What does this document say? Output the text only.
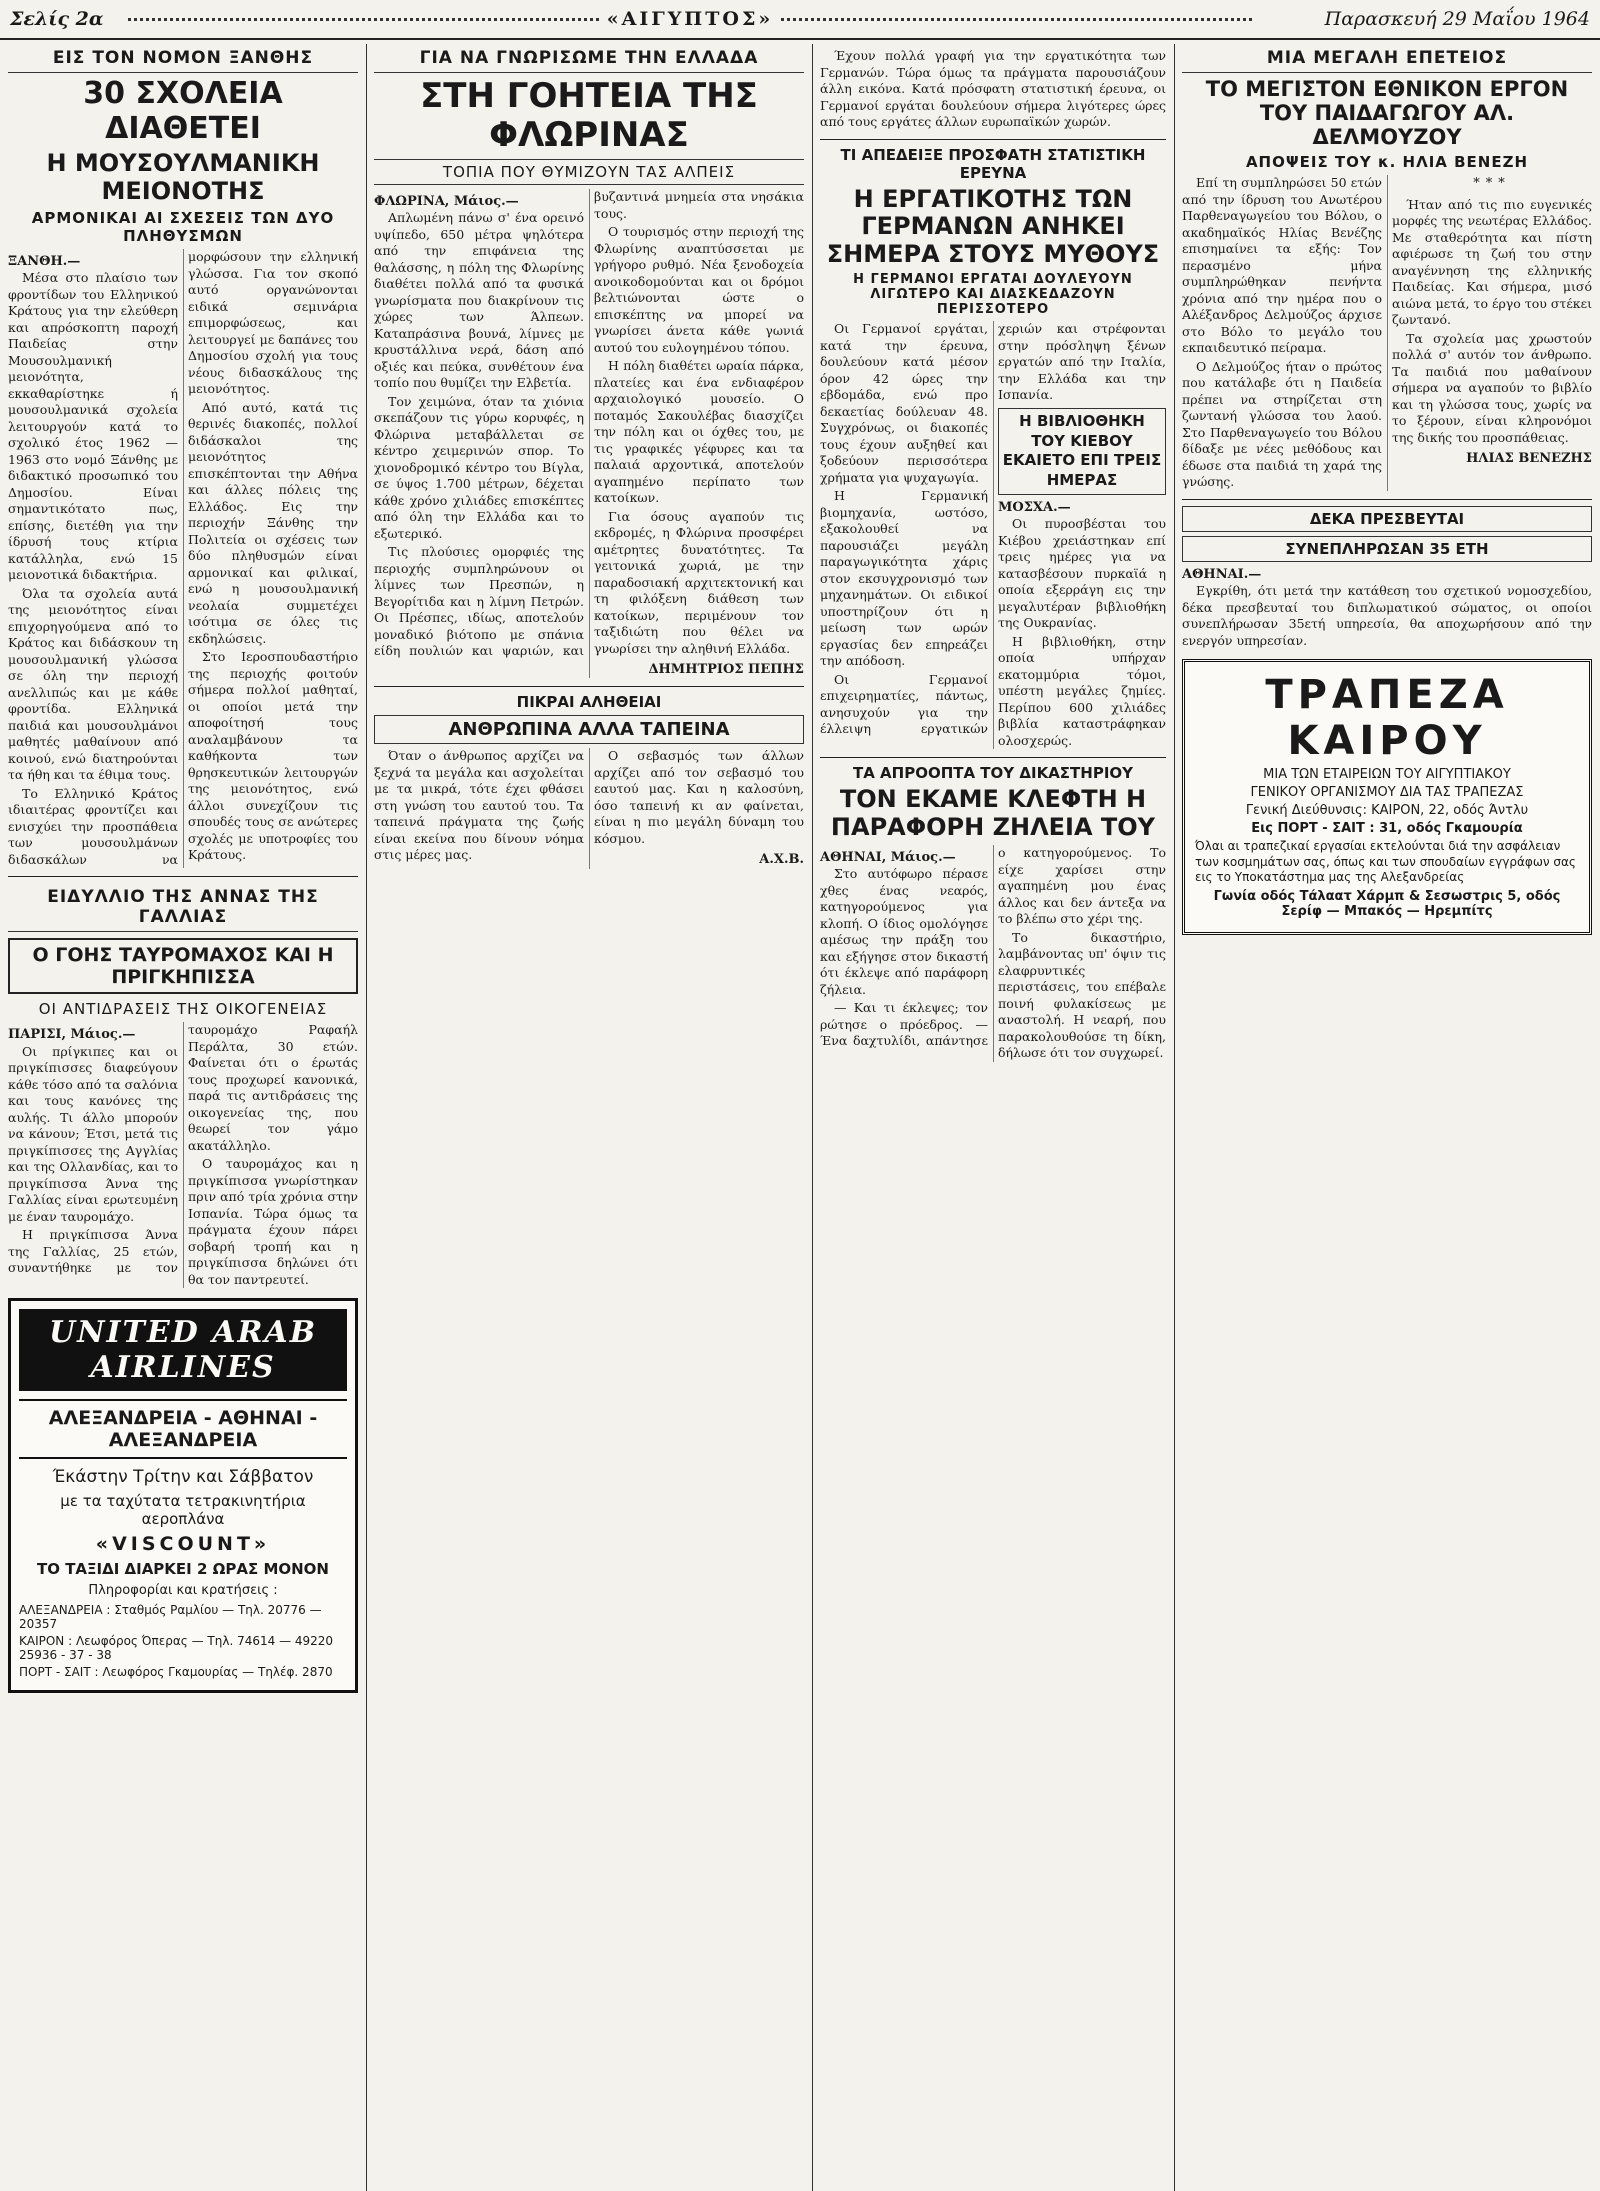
Σελίς 2α	«ΑΙΓΥΠΤΟΣ»	Παρασκευή 29 Μαΐου 1964
ΕΙΣ ΤΟΝ ΝΟΜΟΝ ΞΑΝΘΗΣ
30 ΣΧΟΛΕΙΑ ΔΙΑΘΕΤΕΙ
Η ΜΟΥΣΟΥΛΜΑΝΙΚΗ ΜΕΙΟΝΟΤΗΣ
ΑΡΜΟΝΙΚΑΙ ΑΙ ΣΧΕΣΕΙΣ ΤΩΝ ΔΥΟ ΠΛΗΘΥΣΜΩΝ
ΞΑΝΘΗ.—

Μέσα στο πλαίσιο των φροντίδων του Ελληνικού Κράτους για την ελεύθερη και απρόσκοπτη παροχή Παιδείας στην Μουσουλμανική μειονότητα, εκκαθαρίστηκε ή μουσουλμανικά σχολεία λειτουργούν κατά το σχολικό έτος 1962 — 1963 στο νομό Ξάνθης με διδακτικό προσωπικό του Δημοσίου. Είναι σημαντικότατο πως, επίσης, διετέθη για την ίδρυσή τους κτίρια κατάλληλα, ενώ 15 μειονοτικά διδακτήρια.

Όλα τα σχολεία αυτά της μειονότητος είναι επιχορηγούμενα από το Κράτος και διδάσκουν τη μουσουλμανική γλώσσα σε όλη την περιοχή ανελλιπώς και με κάθε φροντίδα. Ελληνικά παιδιά και μουσουλμάνοι μαθητές μαθαίνουν από κοινού, ενώ διατηρούνται τα ήθη και τα έθιμα τους.

Το Ελληνικό Κράτος ιδιαιτέρας φροντίζει και ενισχύει την προσπάθεια των μουσουλμάνων διδασκάλων να μορφώσουν την ελληνική γλώσσα. Για τον σκοπό αυτό οργανώνονται ειδικά σεμινάρια επιμορφώσεως, και λειτουργεί με δαπάνες του Δημοσίου σχολή για τους νέους διδασκάλους της μειονότητος.

Από αυτό, κατά τις θερινές διακοπές, πολλοί διδάσκαλοι της μειονότητος επισκέπτονται την Αθήνα και άλλες πόλεις της Ελλάδος. Εις την περιοχήν Ξάνθης την Πολιτεία οι σχέσεις των δύο πληθυσμών είναι αρμονικαί και φιλικαί, ενώ η μουσουλμανική νεολαία συμμετέχει ισότιμα σε όλες τις εκδηλώσεις.

Στο Ιεροσπουδαστήριο της περιοχής φοιτούν σήμερα πολλοί μαθηταί, οι οποίοι μετά την αποφοίτησή τους αναλαμβάνουν τα καθήκοντα των θρησκευτικών λειτουργών της μειονότητος, ενώ άλλοι συνεχίζουν τις σπουδές τους σε ανώτερες σχολές με υποτροφίες του Κράτους.

ΕΙΔΥΛΛΙΟ ΤΗΣ ΑΝΝΑΣ ΤΗΣ ΓΑΛΛΙΑΣ
Ο ΓΟΗΣ ΤΑΥΡΟΜΑΧΟΣ ΚΑΙ Η ΠΡΙΓΚΗΠΙΣΣΑ
ΟΙ ΑΝΤΙΔΡΑΣΕΙΣ ΤΗΣ ΟΙΚΟΓΕΝΕΙΑΣ
ΠΑΡΙΣΙ, Μάιος.—

Οι πρίγκιπες και οι πριγκίπισσες διαφεύγουν κάθε τόσο από τα σαλόνια και τους κανόνες της αυλής. Τι άλλο μπορούν να κάνουν; Έτσι, μετά τις πριγκίπισσες της Αγγλίας και της Ολλανδίας, και το πριγκίπισσα Άννα της Γαλλίας είναι ερωτευμένη με έναν ταυρομάχο.

Η πριγκίπισσα Άννα της Γαλλίας, 25 ετών, συναντήθηκε με τον ταυρομάχο Ραφαήλ Περάλτα, 30 ετών. Φαίνεται ότι ο έρωτάς τους προχωρεί κανονικά, παρά τις αντιδράσεις της οικογενείας της, που θεωρεί τον γάμο ακατάλληλο.

Ο ταυρομάχος και η πριγκίπισσα γνωρίστηκαν πριν από τρία χρόνια στην Ισπανία. Τώρα όμως τα πράγματα έχουν πάρει σοβαρή τροπή και η πριγκίπισσα δηλώνει ότι θα τον παντρευτεί.

UNITED ARAB AIRLINES
ΑΛΕΞΑΝΔΡΕΙΑ - ΑΘΗΝΑΙ - ΑΛΕΞΑΝΔΡΕΙΑ
Έκάστην Τρίτην και Σάββατον
με τα ταχύτατα τετρακινητήρια αεροπλάνα
«VISCOUNT»
ΤΟ ΤΑΞΙΔΙ ΔΙΑΡΚΕΙ 2 ΩΡΑΣ ΜΟΝΟΝ
Πληροφορίαι και κρατήσεις :
ΑΛΕΞΑΝΔΡΕΙΑ : Σταθμός Ραμλίου — Τηλ. 20776 — 20357
ΚΑΙΡΟΝ : Λεωφόρος Όπερας — Τηλ. 74614 — 49220 25936 - 37 - 38
ΠΟΡΤ - ΣΑΙΤ : Λεωφόρος Γκαμουρίας — Τηλέφ. 2870
ΓΙΑ ΝΑ ΓΝΩΡΙΣΩΜΕ ΤΗΝ ΕΛΛΑΔΑ
ΣΤΗ ΓΟΗΤΕΙΑ ΤΗΣ ΦΛΩΡΙΝΑΣ
ΤΟΠΙΑ ΠΟΥ ΘΥΜΙΖΟΥΝ ΤΑΣ ΑΛΠΕΙΣ
ΦΛΩΡΙΝΑ, Μάιος.—

Απλωμένη πάνω σ' ένα ορεινό υψίπεδο, 650 μέτρα ψηλότερα από την επιφάνεια της θαλάσσης, η πόλη της Φλωρίνης διαθέτει πολλά από τα φυσικά γνωρίσματα που διακρίνουν τις χώρες των Άλπεων. Καταπράσινα βουνά, λίμνες με κρυστάλλινα νερά, δάση από οξιές και πεύκα, συνθέτουν ένα τοπίο που θυμίζει την Ελβετία.

Τον χειμώνα, όταν τα χιόνια σκεπάζουν τις γύρω κορυφές, η Φλώρινα μεταβάλλεται σε κέντρο χειμερινών σπορ. Το χιονοδρομικό κέντρο του Βίγλα, σε ύψος 1.700 μέτρων, δέχεται κάθε χρόνο χιλιάδες επισκέπτες από όλη την Ελλάδα και το εξωτερικό.

Τις πλούσιες ομορφιές της περιοχής συμπληρώνουν οι λίμνες των Πρεσπών, η Βεγορίτιδα και η λίμνη Πετρών. Οι Πρέσπες, ιδίως, αποτελούν μοναδικό βιότοπο με σπάνια είδη πουλιών και ψαριών, και βυζαντινά μνημεία στα νησάκια τους.

Ο τουρισμός στην περιοχή της Φλωρίνης αναπτύσσεται με γρήγορο ρυθμό. Νέα ξενοδοχεία ανοικοδομούνται και οι δρόμοι βελτιώνονται ώστε ο επισκέπτης να μπορεί να γνωρίσει άνετα κάθε γωνιά αυτού του ευλογημένου τόπου.

Η πόλη διαθέτει ωραία πάρκα, πλατείες και ένα ενδιαφέρον αρχαιολογικό μουσείο. Ο ποταμός Σακουλέβας διασχίζει την πόλη και οι όχθες του, με τις γραφικές γέφυρες και τα παλαιά αρχοντικά, αποτελούν αγαπημένο περίπατο των κατοίκων.

Για όσους αγαπούν τις εκδρομές, η Φλώρινα προσφέρει αμέτρητες δυνατότητες. Τα γειτονικά χωριά, με την παραδοσιακή αρχιτεκτονική και τη φιλόξενη διάθεση των κατοίκων, περιμένουν τον ταξιδιώτη που θέλει να γνωρίσει την αληθινή Ελλάδα.

ΔΗΜΗΤΡΙΟΣ ΠΕΠΗΣ
ΠΙΚΡΑΙ ΑΛΗΘΕΙΑΙ
ΑΝΘΡΩΠΙΝΑ ΑΛΛΑ ΤΑΠΕΙΝΑ

Όταν ο άνθρωπος αρχίζει να ξεχνά τα μεγάλα και ασχολείται με τα μικρά, τότε έχει φθάσει στη γνώση του εαυτού του. Τα ταπεινά πράγματα της ζωής είναι εκείνα που δίνουν νόημα στις μέρες μας.

Ο σεβασμός των άλλων αρχίζει από τον σεβασμό του εαυτού μας. Και η καλοσύνη, όσο ταπεινή κι αν φαίνεται, είναι η πιο μεγάλη δύναμη του κόσμου.

Α.Χ.Β.

Έχουν πολλά γραφή για την εργατικότητα των Γερμανών. Τώρα όμως τα πράγματα παρουσιάζουν άλλη εικόνα. Κατά πρόσφατη στατιστική έρευνα, οι Γερμανοί εργάται δουλεύουν σήμερα λιγότερες ώρες από τους εργάτες άλλων ευρωπαϊκών χωρών.

ΤΙ ΑΠΕΔΕΙΞΕ ΠΡΟΣΦΑΤΗ ΣΤΑΤΙΣΤΙΚΗ ΕΡΕΥΝΑ
Η ΕΡΓΑΤΙΚΟΤΗΣ ΤΩΝ ΓΕΡΜΑΝΩΝ ΑΝΗΚΕΙ ΣΗΜΕΡΑ ΣΤΟΥΣ ΜΥΘΟΥΣ
Η ΓΕΡΜΑΝΟΙ ΕΡΓΑΤΑΙ ΔΟΥΛΕΥΟΥΝ ΛΙΓΩΤΕΡΟ ΚΑΙ ΔΙΑΣΚΕΔΑΖΟΥΝ ΠΕΡΙΣΣΟΤΕΡΟ

Οι Γερμανοί εργάται, κατά την έρευνα, δουλεύουν κατά μέσον όρον 42 ώρες την εβδομάδα, ενώ προ δεκαετίας δούλευαν 48. Συγχρόνως, οι διακοπές τους έχουν αυξηθεί και ξοδεύουν περισσότερα χρήματα για ψυχαγωγία.

Η Γερμανική βιομηχανία, ωστόσο, εξακολουθεί να παρουσιάζει μεγάλη παραγωγικότητα χάρις στον εκσυγχρονισμό των μηχανημάτων. Οι ειδικοί υποστηρίζουν ότι η μείωση των ωρών εργασίας δεν επηρεάζει την απόδοση.

Οι Γερμανοί επιχειρηματίες, πάντως, ανησυχούν για την έλλειψη εργατικών χεριών και στρέφονται στην πρόσληψη ξένων εργατών από την Ιταλία, την Ελλάδα και την Ισπανία.

Η ΒΙΒΛΙΟΘΗΚΗ ΤΟΥ ΚΙΕΒΟΥ ΕΚΑΙΕΤΟ ΕΠΙ ΤΡΕΙΣ ΗΜΕΡΑΣ
ΜΟΣΧΑ.—

Οι πυροσβέσται του Κιέβου χρειάστηκαν επί τρεις ημέρες για να κατασβέσουν πυρκαϊά η οποία εξερράγη εις την μεγαλυτέραν βιβλιοθήκη της Ουκρανίας.

Η βιβλιοθήκη, στην οποία υπήρχαν εκατομμύρια τόμοι, υπέστη μεγάλες ζημίες. Περίπου 600 χιλιάδες βιβλία καταστράφηκαν ολοσχερώς.

ΤΑ ΑΠΡΟΟΠΤΑ ΤΟΥ ΔΙΚΑΣΤΗΡΙΟΥ
ΤΟΝ ΕΚΑΜΕ ΚΛΕΦΤΗ Η ΠΑΡΑΦΟΡΗ ΖΗΛΕΙΑ ΤΟΥ
ΑΘΗΝΑΙ, Μάιος.—

Στο αυτόφωρο πέρασε χθες ένας νεαρός, κατηγορούμενος για κλοπή. Ο ίδιος ομολόγησε αμέσως την πράξη του και εξήγησε στον δικαστή ότι έκλεψε από παράφορη ζήλεια.

— Και τι έκλεψες; τον ρώτησε ο πρόεδρος. — Ένα δαχτυλίδι, απάντησε ο κατηγορούμενος. Το είχε χαρίσει στην αγαπημένη μου ένας άλλος και δεν άντεξα να το βλέπω στο χέρι της.

Το δικαστήριο, λαμβάνοντας υπ' όψιν τις ελαφρυντικές περιστάσεις, του επέβαλε ποινή φυλακίσεως με αναστολή. Η νεαρή, που παρακολουθούσε τη δίκη, δήλωσε ότι τον συγχωρεί.

ΜΙΑ ΜΕΓΑΛΗ ΕΠΕΤΕΙΟΣ
ΤΟ ΜΕΓΙΣΤΟΝ ΕΘΝΙΚΟΝ ΕΡΓΟΝ ΤΟΥ ΠΑΙΔΑΓΩΓΟΥ ΑΛ. ΔΕΛΜΟΥΖΟΥ
ΑΠΟΨΕΙΣ ΤΟΥ κ. ΗΛΙΑ ΒΕΝΕΖΗ

Επί τη συμπληρώσει 50 ετών από την ίδρυση του Ανωτέρου Παρθεναγωγείου του Βόλου, ο ακαδημαϊκός Ηλίας Βενέζης επισημαίνει τα εξής: Τον περασμένο μήνα συμπληρώθηκαν πενήντα χρόνια από την ημέρα που ο Αλέξανδρος Δελμούζος άρχισε στο Βόλο το μεγάλο του εκπαιδευτικό πείραμα.

Ο Δελμούζος ήταν ο πρώτος που κατάλαβε ότι η Παιδεία πρέπει να στηρίζεται στη ζωντανή γλώσσα του λαού. Στο Παρθεναγωγείο του Βόλου δίδαξε με νέες μεθόδους και έδωσε στα παιδιά τη χαρά της γνώσης.

***

Ήταν από τις πιο ευγενικές μορφές της νεωτέρας Ελλάδος. Με σταθερότητα και πίστη αφιέρωσε τη ζωή του στην αναγέννηση της ελληνικής Παιδείας. Και σήμερα, μισό αιώνα μετά, το έργο του στέκει ζωντανό.

Τα σχολεία μας χρωστούν πολλά σ' αυτόν τον άνθρωπο. Τα παιδιά που μαθαίνουν σήμερα να αγαπούν το βιβλίο και τη γλώσσα τους, χωρίς να το ξέρουν, είναι κληρονόμοι της δικής του προσπάθειας.

ΗΛΙΑΣ ΒΕΝΕΖΗΣ
ΔΕΚΑ ΠΡΕΣΒΕΥΤΑΙ
ΣΥΝΕΠΛΗΡΩΣΑΝ 35 ΕΤΗ
ΑΘΗΝΑΙ.—

Εγκρίθη, ότι μετά την κατάθεση του σχετικού νομοσχεδίου, δέκα πρεσβευταί του διπλωματικού σώματος, οι οποίοι συνεπλήρωσαν 35ετή υπηρεσία, θα αποχωρήσουν από την ενεργόν υπηρεσίαν.

ΤΡΑΠΕΖΑ ΚΑΙΡΟΥ
ΜΙΑ ΤΩΝ ΕΤΑΙΡΕΙΩΝ ΤΟΥ ΑΙΓΥΠΤΙΑΚΟΥ
ΓΕΝΙΚΟΥ ΟΡΓΑΝΙΣΜΟΥ ΔΙΑ ΤΑΣ ΤΡΑΠΕΖΑΣ
Γενική Διεύθυνσις: ΚΑΙΡΟΝ, 22, οδός Άντλυ
Εις ΠΟΡΤ - ΣΑΙΤ : 31, οδός Γκαμουρία
Όλαι αι τραπεζικαί εργασίαι εκτελούνται διά την ασφάλειαν των κοσμημάτων σας, όπως και των σπουδαίων εγγράφων σας εις το Υποκατάστημα μας της Αλεξανδρείας
Γωνία οδός Τάλαατ Χάρμπ & Σεσωστρις 5, οδός Σερίφ — Μπακός — Ηρεμπίτς
